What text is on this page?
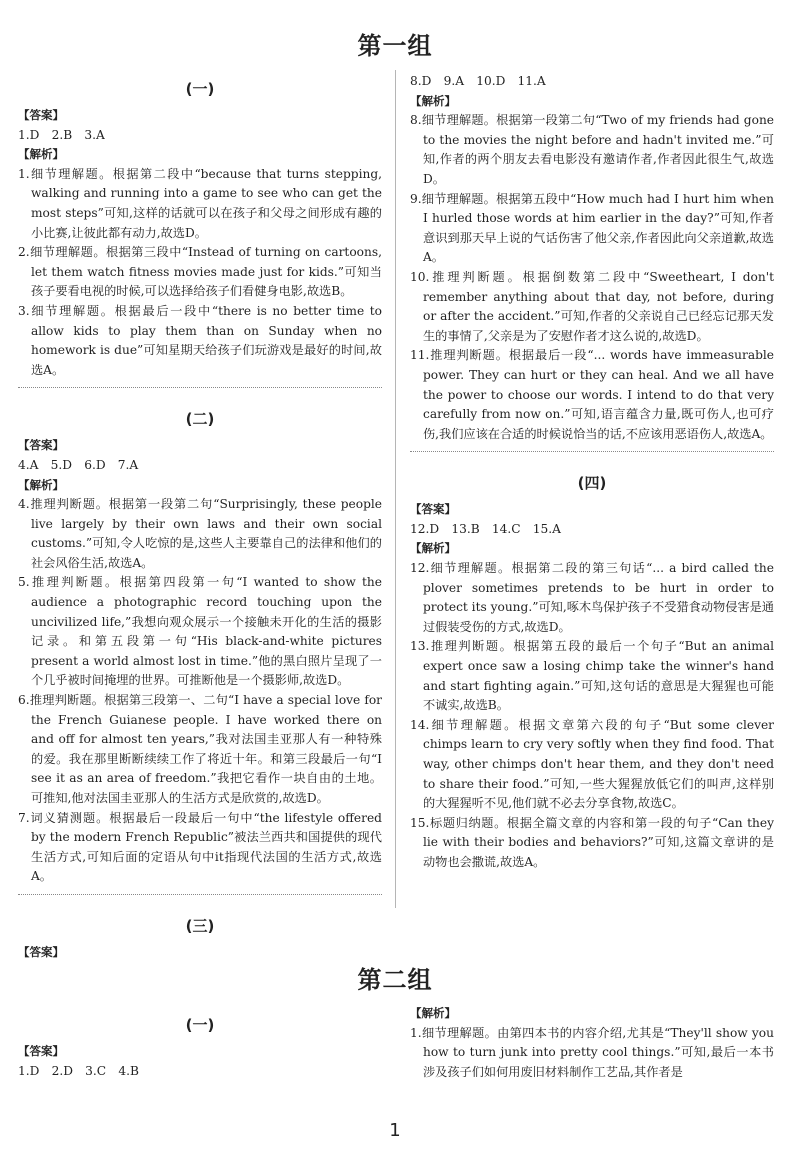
第一组
(一)
【答案】
1.D　2.B　3.A
【解析】
1.细节理解题。根据第二段中“because that turns stepping, walking and running into a game to see who can get the most steps”可知,这样的话就可以在孩子和父母之间形成有趣的小比赛,让彼此都有动力,故选D。
2.细节理解题。根据第三段中“Instead of turning on cartoons, let them watch fitness movies made just for kids.”可知当孩子要看电视的时候,可以选择给孩子们看健身电影,故选B。
3.细节理解题。根据最后一段中“there is no better time to allow kids to play them than on Sunday when no homework is due”可知星期天给孩子们玩游戏是最好的时间,故选A。
(二)
【答案】
4.A　5.D　6.D　7.A
【解析】
4.推理判断题。根据第一段第二句“Surprisingly, these people live largely by their own laws and their own social customs.”可知,令人吃惊的是,这些人主要靠自己的法律和他们的社会风俗生活,故选A。
5.推理判断题。根据第四段第一句“I wanted to show the audience a photographic record touching upon the uncivilized life,”我想向观众展示一个接触未开化的生活的摄影记录。和第五段第一句“His black-and-white pictures present a world almost lost in time.”他的黑白照片呈现了一个几乎被时间掩埋的世界。可推断他是一个摄影师,故选D。
6.推理判断题。根据第三段第一、二句“I have a special love for the French Guianese people. I have worked there on and off for almost ten years,”我对法国圭亚那人有一种特殊的爱。我在那里断断续续工作了将近十年。和第三段最后一句“I see it as an area of freedom.”我把它看作一块自由的土地。可推知,他对法国圭亚那人的生活方式是欣赏的,故选D。
7.词义猜测题。根据最后一段最后一句中“the lifestyle offered by the modern French Republic”被法兰西共和国提供的现代生活方式,可知后面的定语从句中it指现代法国的生活方式,故选A。
(三)
【答案】
8.D　9.A　10.D　11.A
【解析】
8.细节理解题。根据第一段第二句“Two of my friends had gone to the movies the night before and hadn't invited me.”可知,作者的两个朋友去看电影没有邀请作者,作者因此很生气,故选D。
9.细节理解题。根据第五段中“How much had I hurt him when I hurled those words at him earlier in the day?”可知,作者意识到那天早上说的气话伤害了他父亲,作者因此向父亲道歉,故选A。
10.推理判断题。根据倒数第二段中“Sweetheart, I don't remember anything about that day, not before, during or after the accident.”可知,作者的父亲说自己已经忘记那天发生的事情了,父亲是为了安慰作者才这么说的,故选D。
11.推理判断题。根据最后一段“... words have immeasurable power. They can hurt or they can heal. And we all have the power to choose our words. I intend to do that very carefully from now on.”可知,语言蕴含力量,既可伤人,也可疗伤,我们应该在合适的时候说恰当的话,不应该用恶语伤人,故选A。
(四)
【答案】
12.D　13.B　14.C　15.A
【解析】
12.细节理解题。根据第二段的第三句话“... a bird called the plover sometimes pretends to be hurt in order to protect its young.”可知,啄木鸟保护孩子不受猎食动物侵害是通过假装受伤的方式,故选D。
13.推理判断题。根据第五段的最后一个句子“But an animal expert once saw a losing chimp take the winner's hand and start fighting again.”可知,这句话的意思是大猩猩也可能不诚实,故选B。
14.细节理解题。根据文章第六段的句子“But some clever chimps learn to cry very softly when they find food. That way, other chimps don't hear them, and they don't need to share their food.”可知,一些大猩猩放低它们的叫声,这样别的大猩猩听不见,他们就不必去分享食物,故选C。
15.标题归纳题。根据全篇文章的内容和第一段的句子“Can they lie with their bodies and behaviors?”可知,这篇文章讲的是动物也会撒谎,故选A。
第二组
(一)
【答案】
1.D　2.D　3.C　4.B
【解析】
1.细节理解题。由第四本书的内容介绍,尤其是“They'll show you how to turn junk into pretty cool things.”可知,最后一本书涉及孩子们如何用废旧材料制作工艺品,其作者是
1
